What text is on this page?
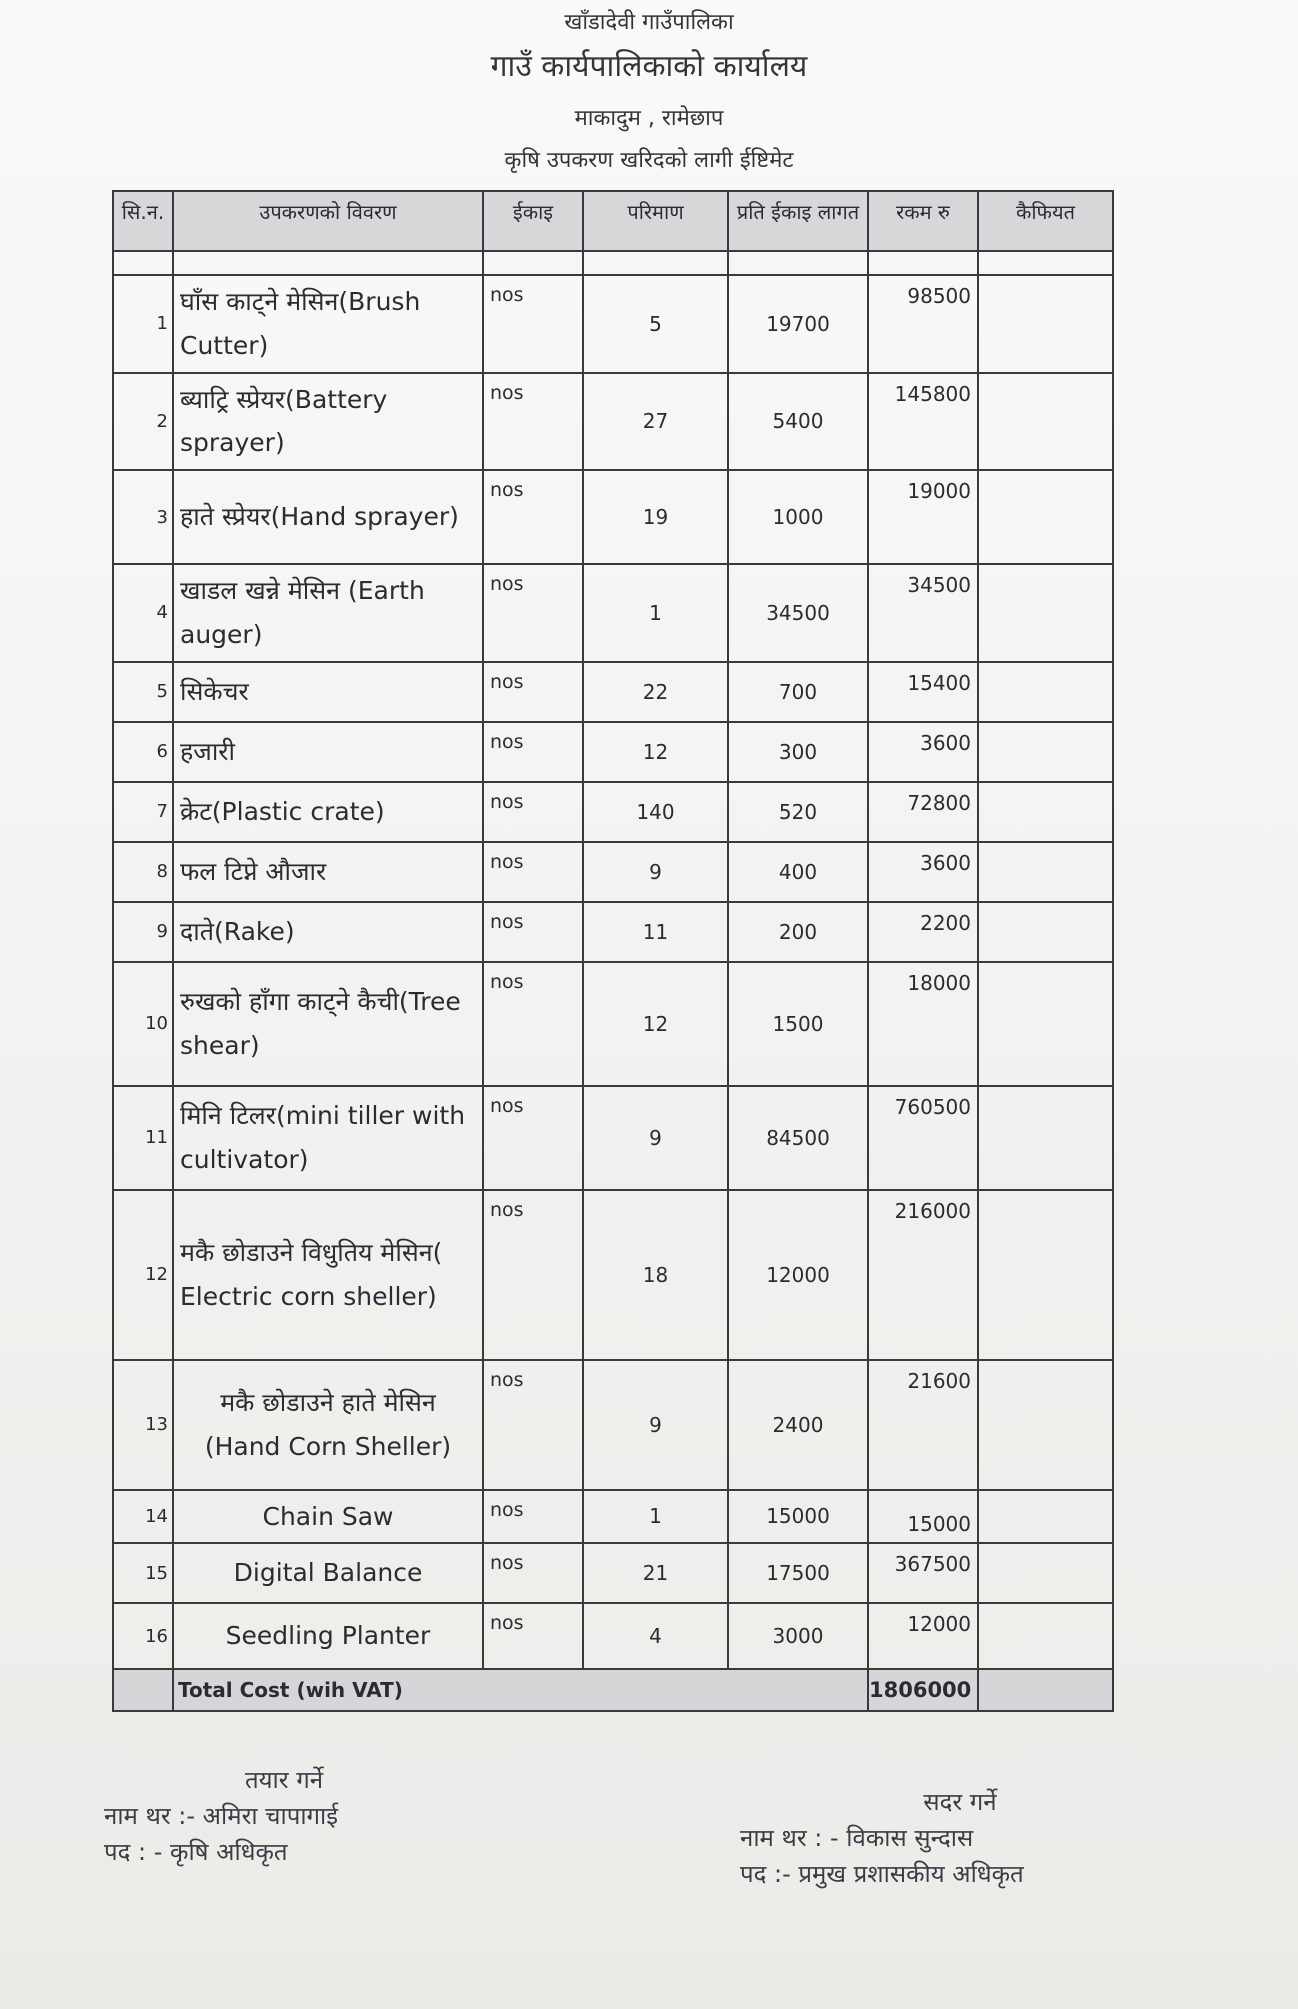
खाँडादेवी गाउँपालिका
गाउँ कार्यपालिकाको कार्यालय
माकादुम , रामेछाप
कृषि उपकरण खरिदको लागी ईष्टिमेट
सि.न.	उपकरणको विवरण	ईकाइ	परिमाण	प्रति ईकाइ लागत	रकम रु	कैफियत

1	घाँस काट्ने मेसिन(Brush Cutter)	nos	5	19700	98500	
2	ब्याट्रि स्प्रेयर(Battery sprayer)	nos	27	5400	145800	
3	हाते स्प्रेयर(Hand sprayer)	nos	19	1000	19000	
4	खाडल खन्ने मेसिन (Earth auger)	nos	1	34500	34500	
5	सिकेचर	nos	22	700	15400	
6	हजारी	nos	12	300	3600	
7	क्रेट(Plastic crate)	nos	140	520	72800	
8	फल टिप्ने औजार	nos	9	400	3600	
9	दाते(Rake)	nos	11	200	2200	
10	रुखको हाँगा काट्ने कैची(Tree shear)	nos	12	1500	18000	
11	मिनि टिलर(mini tiller with cultivator)	nos	9	84500	760500	
12	मकै छोडाउने विधुतिय मेसिन( Electric corn sheller)	nos	18	12000	216000	
13	मकै छोडाउने हाते मेसिन (Hand Corn Sheller)	nos	9	2400	21600	
14	Chain Saw	nos	1	15000	15000	
15	Digital Balance	nos	21	17500	367500	
16	Seedling Planter	nos	4	3000	12000	
	Total Cost (wih VAT)				1806000	
तयार गर्ने
नाम थर :- अमिरा चापागाई
पद : - कृषि अधिकृत
सदर गर्ने
नाम थर : - विकास सुन्दास
पद :- प्रमुख प्रशासकीय अधिकृत
